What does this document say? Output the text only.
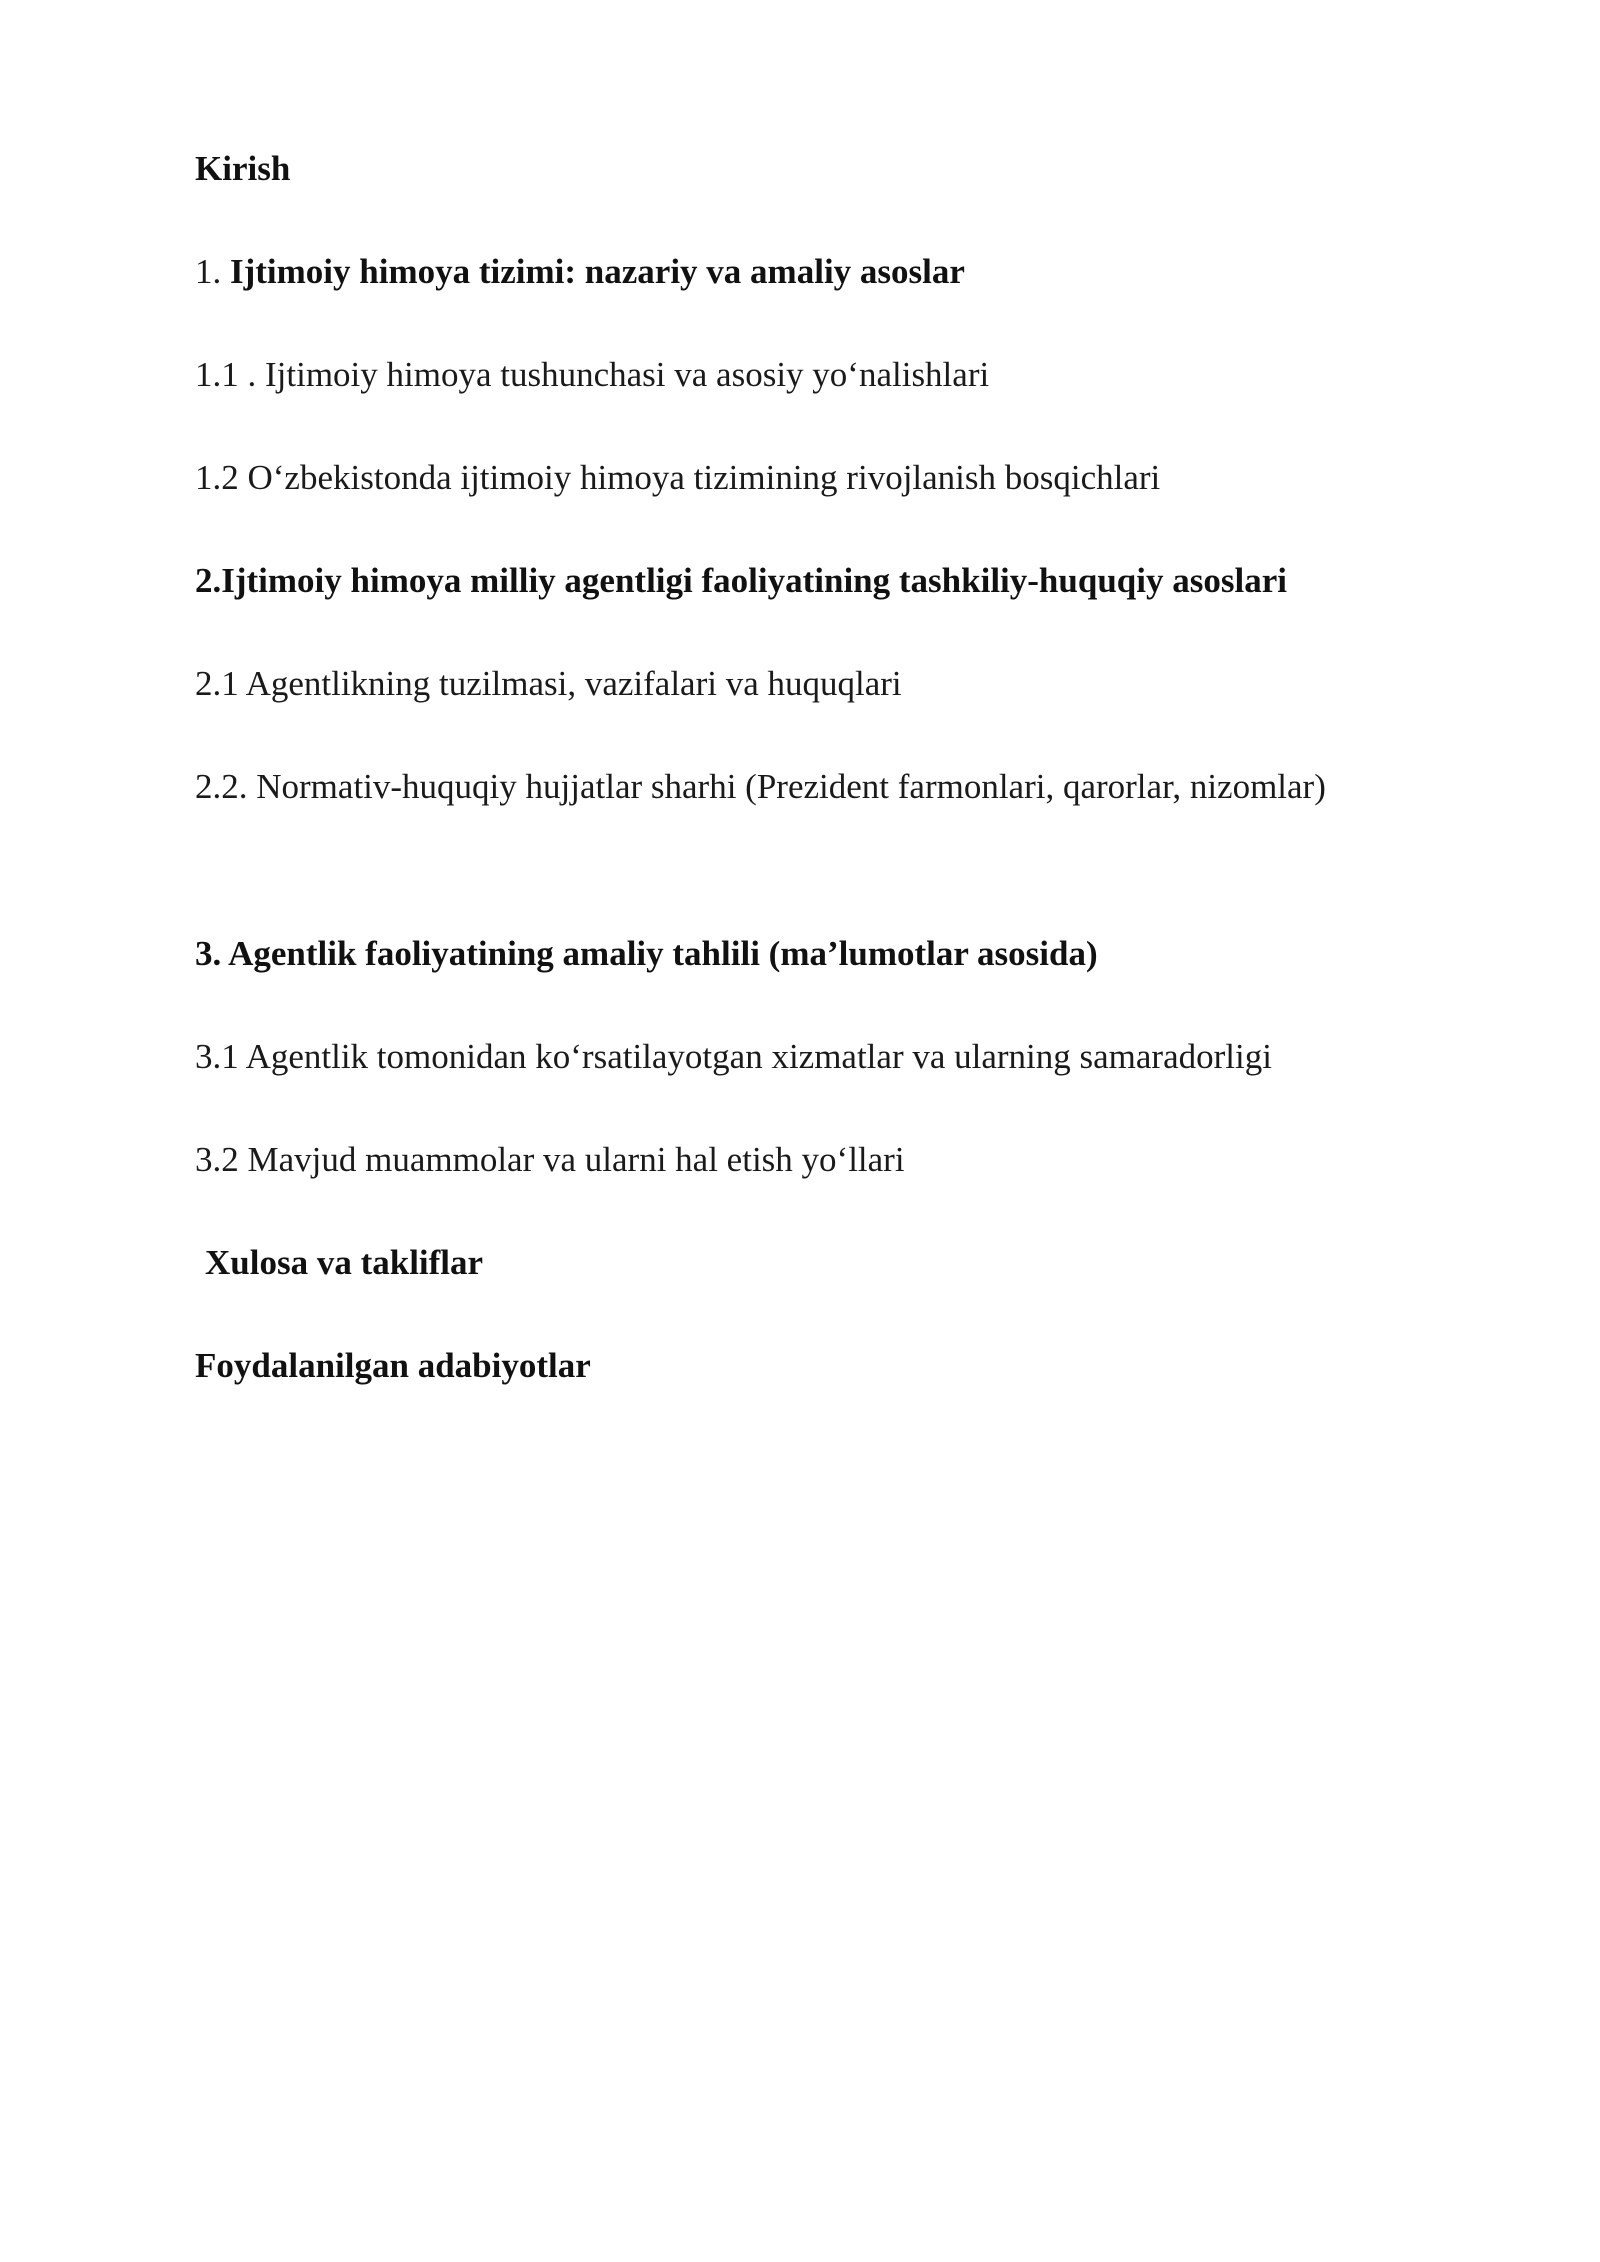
Kirish

1. Ijtimoiy himoya tizimi: nazariy va amaliy asoslar

1.1 . Ijtimoiy himoya tushunchasi va asosiy yo‘nalishlari

1.2 O‘zbekistonda ijtimoiy himoya tizimining rivojlanish bosqichlari

2.Ijtimoiy himoya milliy agentligi faoliyatining tashkiliy-huquqiy asoslari

2.1 Agentlikning tuzilmasi, vazifalari va huquqlari

2.2. Normativ-huquqiy hujjatlar sharhi (Prezident farmonlari, qarorlar, nizomlar)

3. Agentlik faoliyatining amaliy tahlili (ma’lumotlar asosida)

3.1 Agentlik tomonidan ko‘rsatilayotgan xizmatlar va ularning samaradorligi

3.2 Mavjud muammolar va ularni hal etish yo‘llari

Xulosa va takliflar

Foydalanilgan adabiyotlar
